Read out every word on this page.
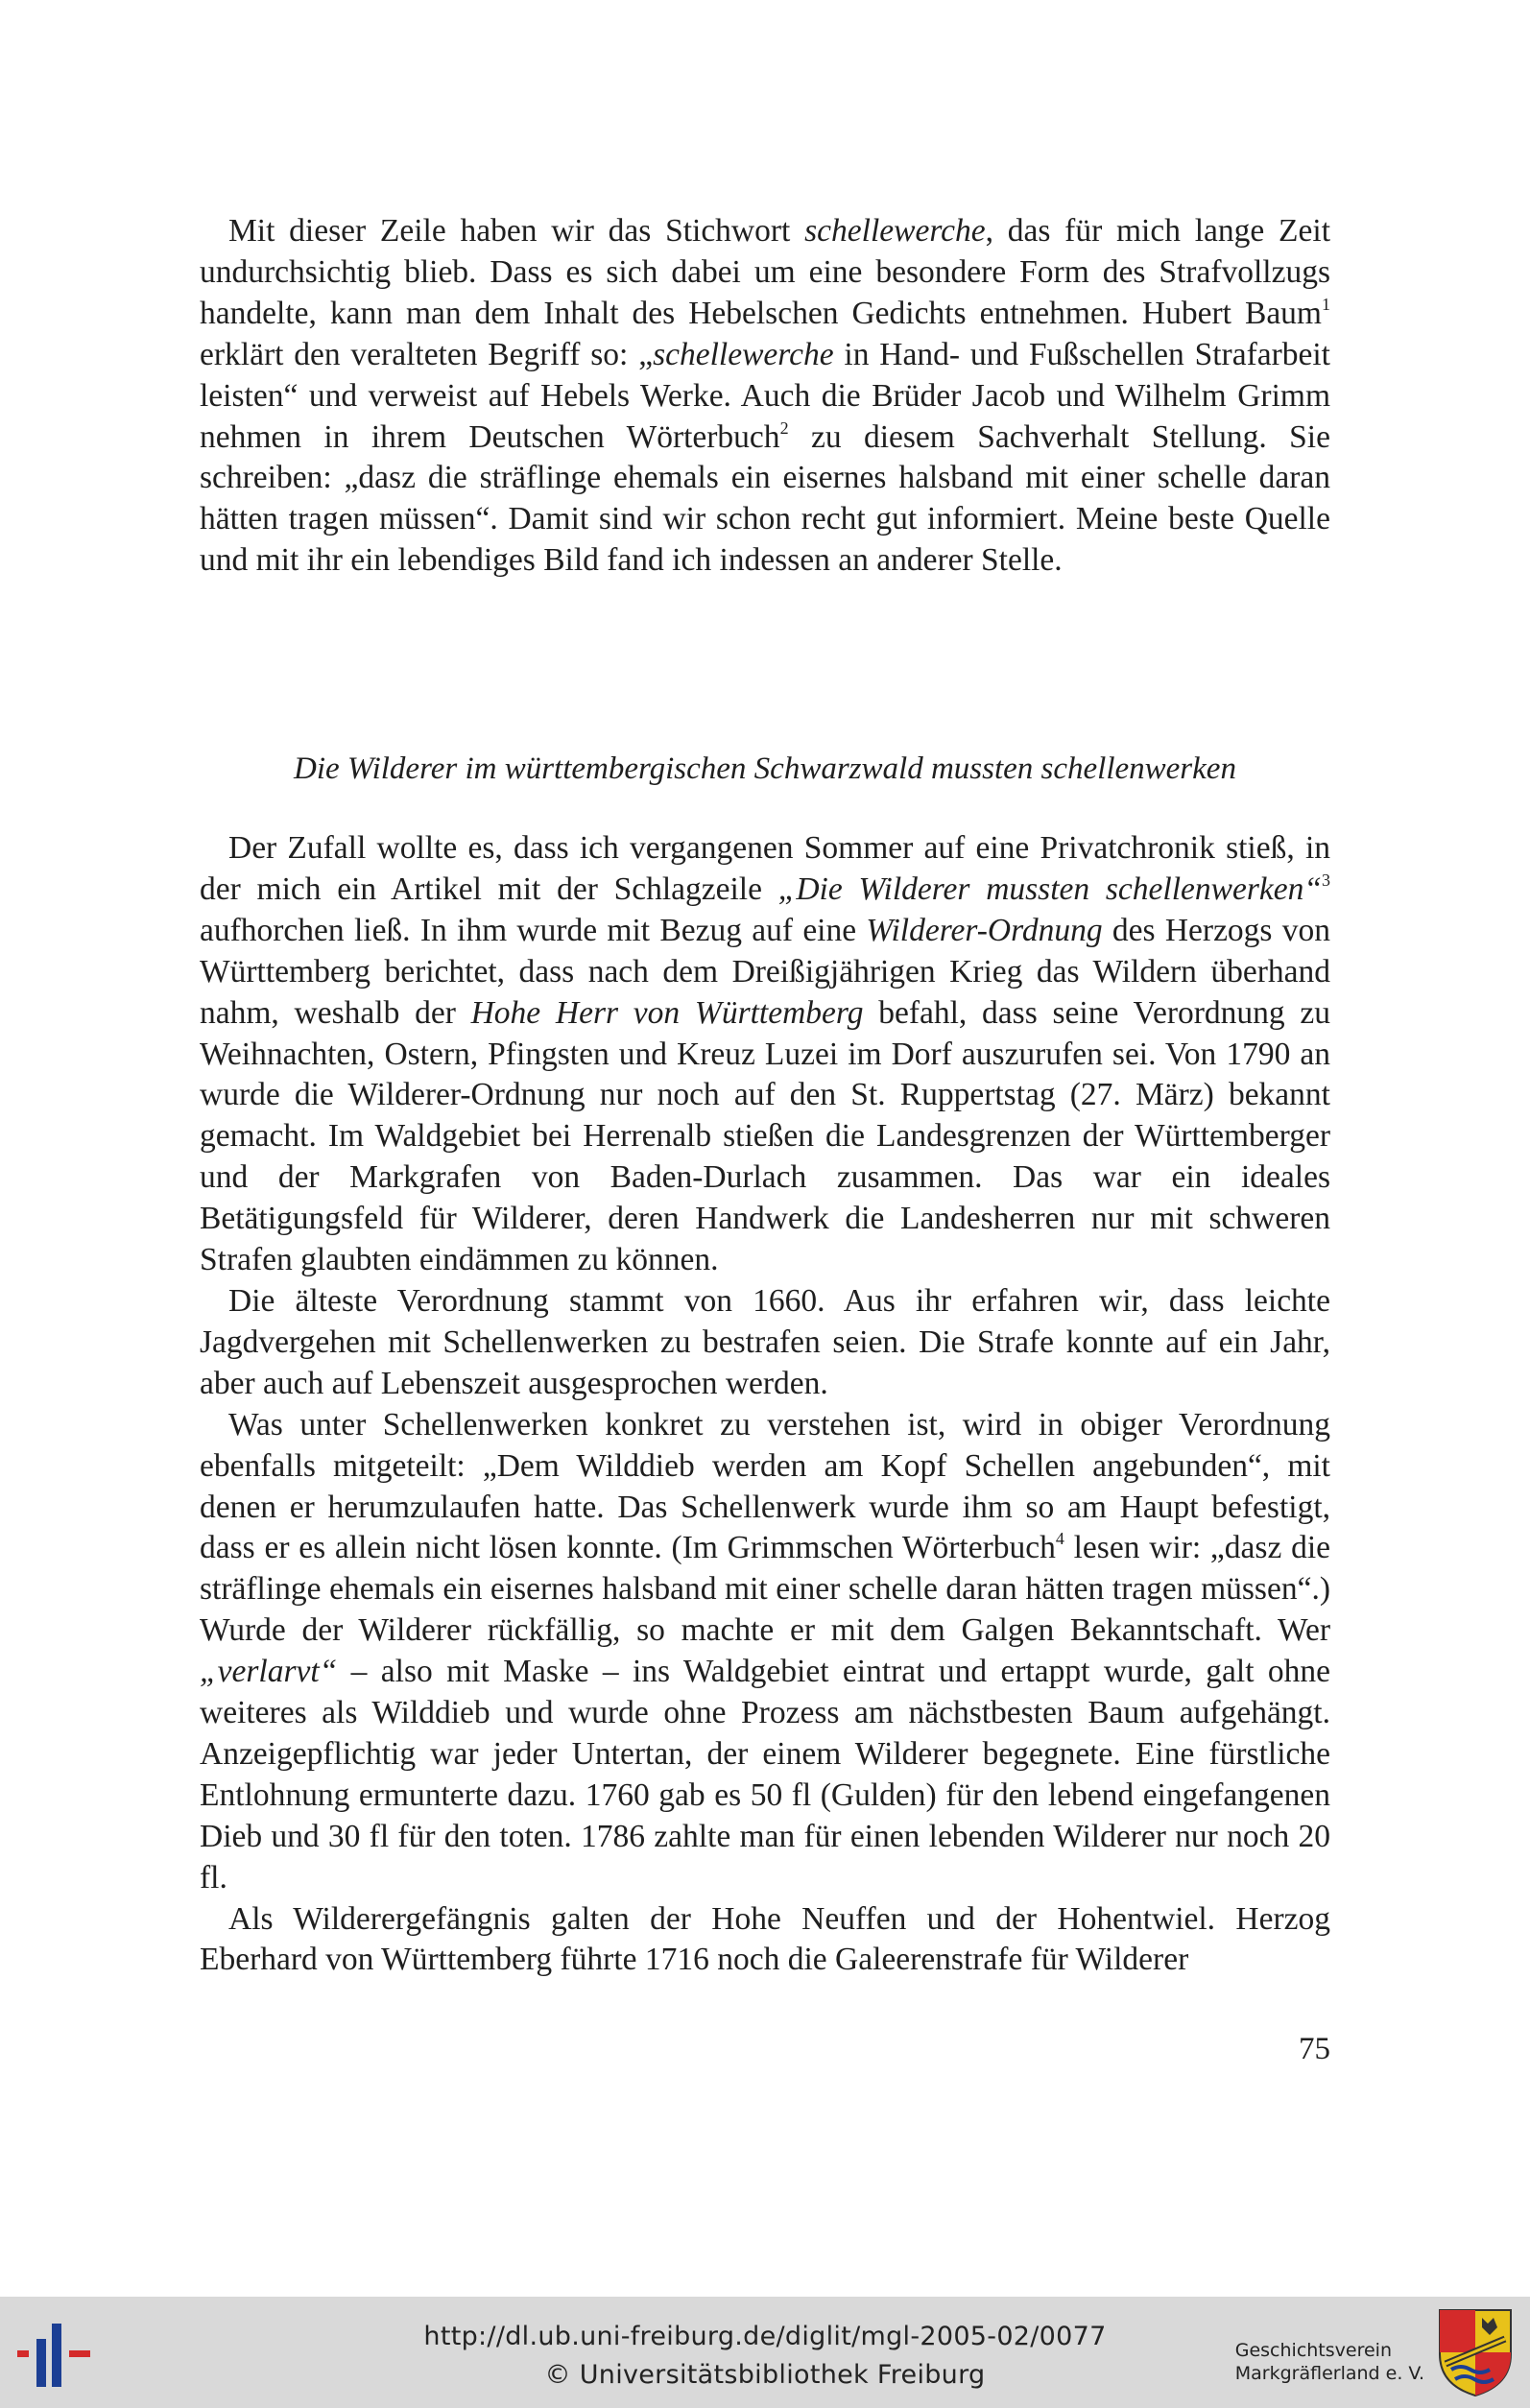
Mit dieser Zeile haben wir das Stichwort schellewerche, das für mich lange Zeit undurchsichtig blieb. Dass es sich dabei um eine besondere Form des Strafvollzugs handelte, kann man dem Inhalt des Hebelschen Gedichts entnehmen. Hubert Baum$^1$ erklärt den veralteten Begriff so: „schellewerche in Hand- und Fußschellen Strafarbeit leisten“ und verweist auf Hebels Werke. Auch die Brüder Jacob und Wilhelm Grimm nehmen in ihrem Deutschen Wörterbuch$^2$ zu diesem Sachverhalt Stellung. Sie schreiben: „dasz die sträflinge ehemals ein eisernes halsband mit einer schelle daran hätten tragen müssen“. Damit sind wir schon recht gut informiert. Meine beste Quelle und mit ihr ein lebendiges Bild fand ich indessen an anderer Stelle.

Die Wilderer im württembergischen Schwarzwald mussten schellenwerken

Der Zufall wollte es, dass ich vergangenen Sommer auf eine Privatchronik stieß, in der mich ein Artikel mit der Schlagzeile „Die Wilderer mussten schellenwerken“$^3$ aufhorchen ließ. In ihm wurde mit Bezug auf eine Wilderer-Ordnung des Herzogs von Württemberg berichtet, dass nach dem Dreißigjährigen Krieg das Wildern überhand nahm, weshalb der Hohe Herr von Württemberg befahl, dass seine Verordnung zu Weihnachten, Ostern, Pfingsten und Kreuz Luzei im Dorf auszurufen sei. Von 1790 an wurde die Wilderer-Ordnung nur noch auf den St. Ruppertstag (27. März) bekannt gemacht. Im Waldgebiet bei Herrenalb stießen die Landesgrenzen der Württemberger und der Markgrafen von Baden-Durlach zusammen. Das war ein ideales Betätigungsfeld für Wilderer, deren Handwerk die Landesherren nur mit schweren Strafen glaubten eindämmen zu können.

Die älteste Verordnung stammt von 1660. Aus ihr erfahren wir, dass leichte Jagdvergehen mit Schellenwerken zu bestrafen seien. Die Strafe konnte auf ein Jahr, aber auch auf Lebenszeit ausgesprochen werden.

Was unter Schellenwerken konkret zu verstehen ist, wird in obiger Verordnung ebenfalls mitgeteilt: „Dem Wilddieb werden am Kopf Schellen angebunden“, mit denen er herumzulaufen hatte. Das Schellenwerk wurde ihm so am Haupt befestigt, dass er es allein nicht lösen konnte. (Im Grimmschen Wörterbuch$^4$ lesen wir: „dasz die sträflinge ehemals ein eisernes halsband mit einer schelle daran hätten tragen müssen“.) Wurde der Wilderer rückfällig, so machte er mit dem Galgen Bekanntschaft. Wer „verlarvt“ – also mit Maske – ins Waldgebiet eintrat und ertappt wurde, galt ohne weiteres als Wilddieb und wurde ohne Prozess am nächstbesten Baum aufgehängt. Anzeigepflichtig war jeder Untertan, der einem Wilderer begegnete. Eine fürstliche Entlohnung ermunterte dazu. 1760 gab es 50 fl (Gulden) für den lebend eingefangenen Dieb und 30 fl für den toten. 1786 zahlte man für einen lebenden Wilderer nur noch 20 fl.

Als Wilderergefängnis galten der Hohe Neuffen und der Hohentwiel. Herzog Eberhard von Württemberg führte 1716 noch die Galeerenstrafe für Wilderer

75
http://dl.ub.uni-freiburg.de/diglit/mgl-2005-02/0077
© Universitätsbibliothek Freiburg
Geschichtsverein
Markgräflerland e. V.
